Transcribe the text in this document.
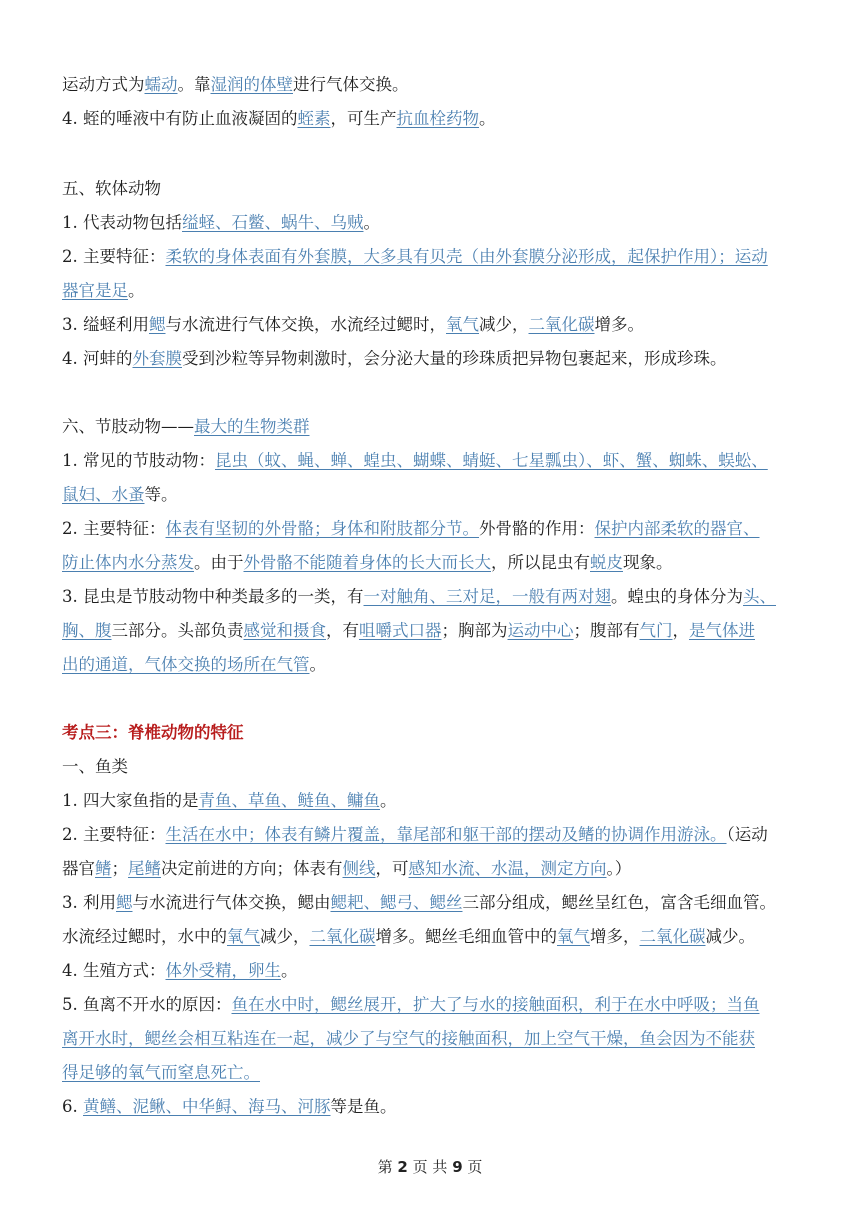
运动方式为蠕动。靠湿润的体壁进行气体交换。
4. 蛭的唾液中有防止血液凝固的蛭素，可生产抗血栓药物。
五、软体动物
1. 代表动物包括缢蛏、石鳖、蜗牛、乌贼。
2. 主要特征：柔软的身体表面有外套膜，大多具有贝壳（由外套膜分泌形成，起保护作用）；运动
器官是足。
3. 缢蛏利用鳃与水流进行气体交换，水流经过鳃时，氧气减少，二氧化碳增多。
4. 河蚌的外套膜受到沙粒等异物刺激时，会分泌大量的珍珠质把异物包裹起来，形成珍珠。
六、节肢动物——最大的生物类群
1. 常见的节肢动物：昆虫（蚊、蝇、蝉、蝗虫、蝴蝶、蜻蜓、七星瓢虫）、虾、蟹、蜘蛛、蜈蚣、
鼠妇、水蚤等。
2. 主要特征：体表有坚韧的外骨骼；身体和附肢都分节。外骨骼的作用：保护内部柔软的器官、
防止体内水分蒸发。由于外骨骼不能随着身体的长大而长大，所以昆虫有蜕皮现象。
3. 昆虫是节肢动物中种类最多的一类，有一对触角、三对足，一般有两对翅。蝗虫的身体分为头、
胸、腹三部分。头部负责感觉和摄食，有咀嚼式口器；胸部为运动中心；腹部有气门，是气体进
出的通道，气体交换的场所在气管。
考点三：脊椎动物的特征
一、鱼类
1. 四大家鱼指的是青鱼、草鱼、鲢鱼、鳙鱼。
2. 主要特征：生活在水中；体表有鳞片覆盖，靠尾部和躯干部的摆动及鳍的协调作用游泳。（运动
器官鳍；尾鳍决定前进的方向；体表有侧线，可感知水流、水温，测定方向。）
3. 利用鳃与水流进行气体交换，鳃由鳃耙、鳃弓、鳃丝三部分组成，鳃丝呈红色，富含毛细血管。
水流经过鳃时，水中的氧气减少，二氧化碳增多。鳃丝毛细血管中的氧气增多，二氧化碳减少。
4. 生殖方式：体外受精，卵生。
5. 鱼离不开水的原因：鱼在水中时，鳃丝展开，扩大了与水的接触面积，利于在水中呼吸；当鱼
离开水时，鳃丝会相互粘连在一起，减少了与空气的接触面积，加上空气干燥，鱼会因为不能获
得足够的氧气而窒息死亡。
6. 黄鳝、泥鳅、中华鲟、海马、河豚等是鱼。
第 2 页 共 9 页
